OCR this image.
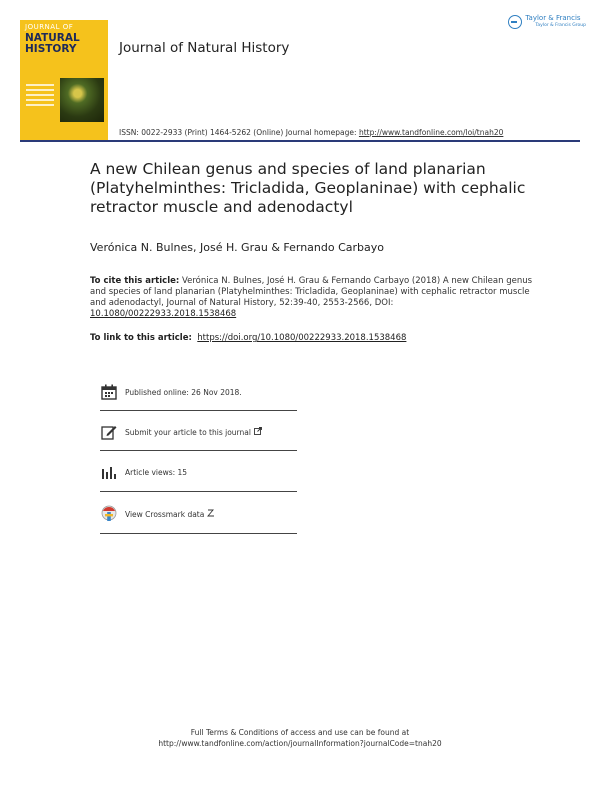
JOURNAL OF
NATURAL
HISTORY	Journal of Natural History
Taylor & Francis
Taylor & Francis Group
ISSN: 0022-2933 (Print) 1464-5262 (Online) Journal homepage: http://www.tandfonline.com/loi/tnah20
A new Chilean genus and species of land planarian (Platyhelminthes: Tricladida, Geoplaninae) with cephalic retractor muscle and adenodactyl
Verónica N. Bulnes, José H. Grau & Fernando Carbayo
To cite this article: Verónica N. Bulnes, José H. Grau & Fernando Carbayo (2018) A new Chilean genus and species of land planarian (Platyhelminthes: Tricladida, Geoplaninae) with cephalic retractor muscle and adenodactyl, Journal of Natural History, 52:39-40, 2553-2566, DOI: 10.1080/00222933.2018.1538468
To link to this article: https://doi.org/10.1080/00222933.2018.1538468
Published online: 26 Nov 2018.
Submit your article to this journal
Article views: 15
View Crossmark data
Full Terms & Conditions of access and use can be found at
http://www.tandfonline.com/action/journalInformation?journalCode=tnah20
